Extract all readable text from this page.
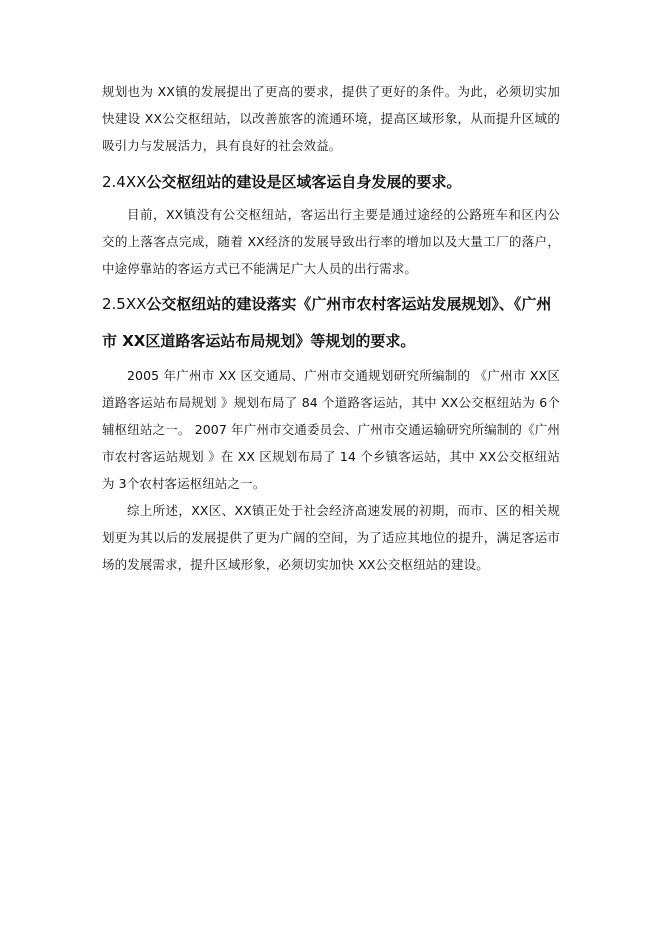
规划也为 XX镇的发展提出了更高的要求，提供了更好的条件。为此，必须切实加快建设 XX公交枢纽站，以改善旅客的流通环境，提高区域形象，从而提升区域的吸引力与发展活力，具有良好的社会效益。

2.4XX公交枢纽站的建设是区域客运自身发展的要求。

目前，XX镇没有公交枢纽站，客运出行主要是通过途经的公路班车和区内公交的上落客点完成，随着 XX经济的发展导致出行率的增加以及大量工厂的落户，中途停靠站的客运方式已不能满足广大人员的出行需求。

2.5XX公交枢纽站的建设落实《广州市农村客运站发展规划》、《广州市 XX区道路客运站布局规划》等规划的要求。

2005 年广州市 XX 区交通局、广州市交通规划研究所编制的 《广州市 XX区道路客运站布局规划 》规划布局了 84 个道路客运站，其中 XX公交枢纽站为 6个辅枢纽站之一。 2007 年广州市交通委员会、广州市交通运输研究所编制的《广州市农村客运站规划 》在 XX 区规划布局了 14 个乡镇客运站，其中 XX公交枢纽站为 3个农村客运枢纽站之一。

综上所述，XX区、XX镇正处于社会经济高速发展的初期，而市、区的相关规划更为其以后的发展提供了更为广阔的空间，为了适应其地位的提升，满足客运市场的发展需求，提升区域形象，必须切实加快 XX公交枢纽站的建设。
